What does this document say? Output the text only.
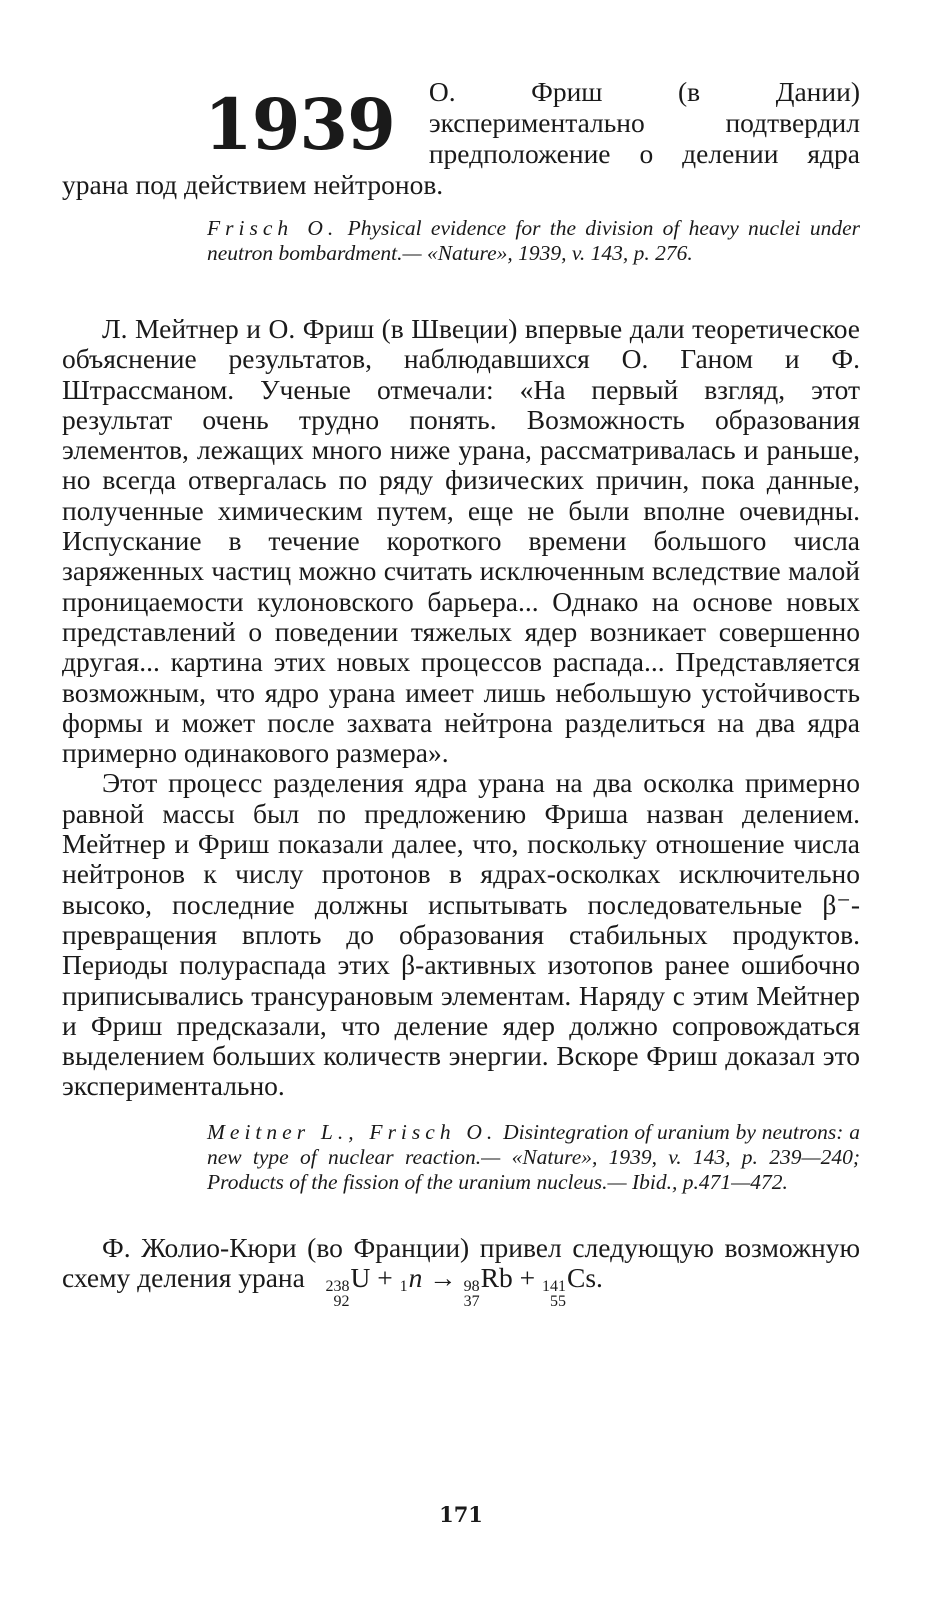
1939	О. Фриш (в Дании) экспериментально подтвердил предположение о делении ядра урана под действием нейтронов.
Frisch O. Physical evidence for the division of heavy nuclei under neutron bombardment.— «Nature», 1939, v. 143, p. 276.

Л. Мейтнер и О. Фриш (в Швеции) впервые дали теоретическое объяснение результатов, наблюдавшихся О. Ганом и Ф. Штрассманом. Ученые отмечали: «На первый взгляд, этот результат очень трудно понять. Возможность образования элементов, лежащих много ниже урана, рассматривалась и раньше, но всегда отвергалась по ряду физических причин, пока данные, полученные химическим путем, еще не были вполне очевидны. Испускание в течение короткого времени большого числа заряженных частиц можно считать исключенным вследствие малой проницаемости кулоновского барьера... Однако на основе новых представлений о поведении тяжелых ядер возникает совершенно другая... картина этих новых процессов распада... Представляется возможным, что ядро урана имеет лишь небольшую устойчивость формы и может после захвата нейтрона разделиться на два ядра примерно одинакового размера».

Этот процесс разделения ядра урана на два осколка примерно равной массы был по предложению Фриша назван делением. Мейтнер и Фриш показали далее, что, поскольку отношение числа нейтронов к числу протонов в ядрах-осколках исключительно высоко, последние должны испытывать последовательные β⁻-превращения вплоть до образования стабильных продуктов. Периоды полураспада этих β-активных изотопов ранее ошибочно приписывались трансурановым элементам. Наряду с этим Мейтнер и Фриш предсказали, что деление ядер должно сопровождаться выделением больших количеств энергии. Вскоре Фриш доказал это экспериментально.

Meitner L., Frisch O. Disintegration of uranium by neutrons: a new type of nuclear reaction.— «Nature», 1939, v. 143, p. 239—240; Products of the fission of the uranium nucleus.— Ibid., p.471—472.

Ф. Жолио-Кюри (во Франции) привел следующую возможную схему деления урана 238
92
U + 1
n → 98
37
Rb + 141
55
Cs.

171
